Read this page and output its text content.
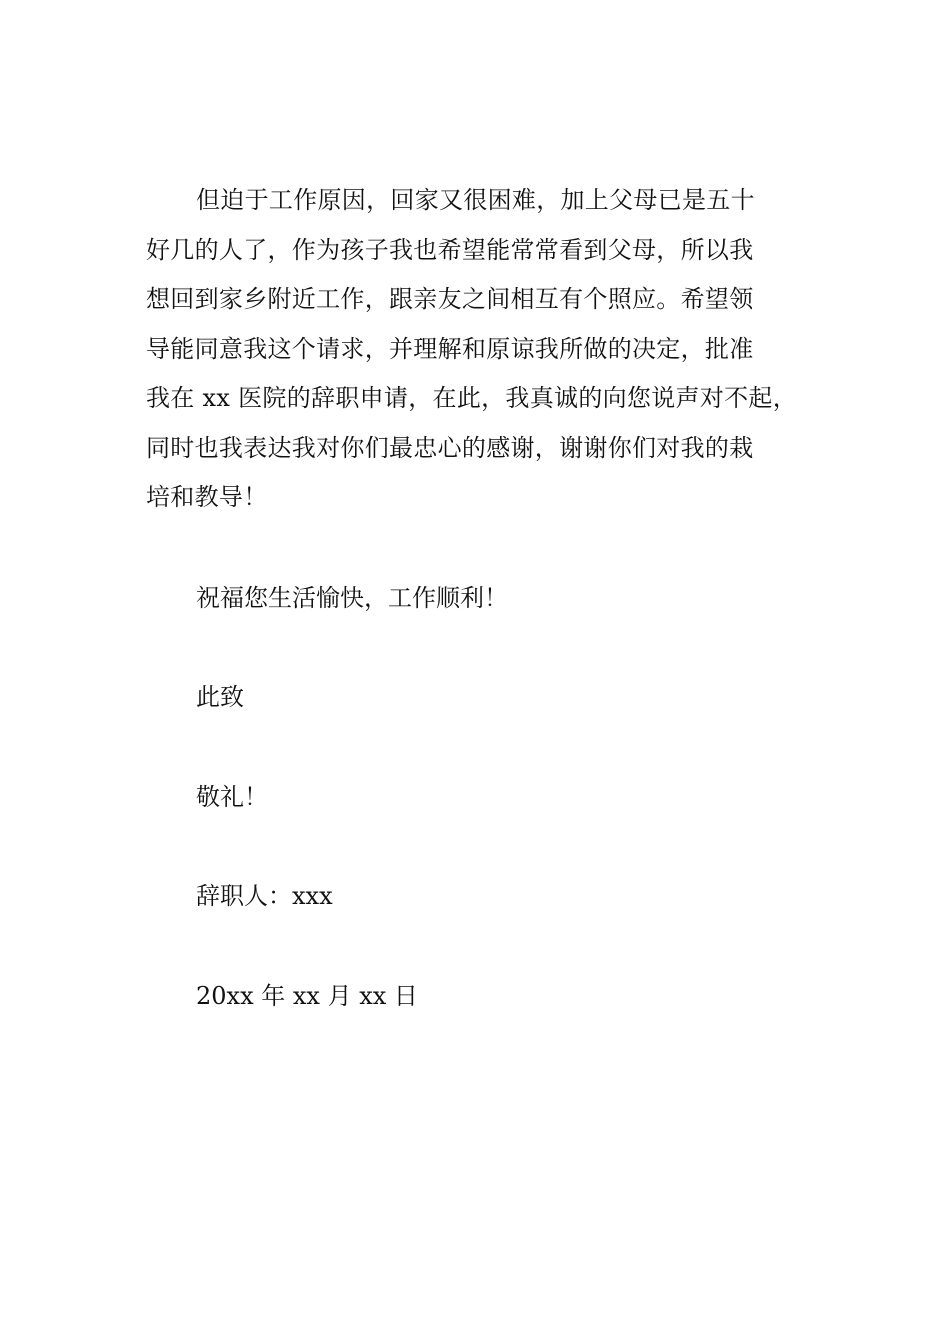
但迫于工作原因，回家又很困难，加上父母已是五十
好几的人了，作为孩子我也希望能常常看到父母，所以我
想回到家乡附近工作，跟亲友之间相互有个照应。希望领
导能同意我这个请求，并理解和原谅我所做的决定，批准
我在 xx 医院的辞职申请，在此，我真诚的向您说声对不起，
同时也我表达我对你们最忠心的感谢，谢谢你们对我的栽
培和教导！

祝福您生活愉快，工作顺利！

此致

敬礼！

辞职人：xxx

20xx 年 xx 月 xx 日
